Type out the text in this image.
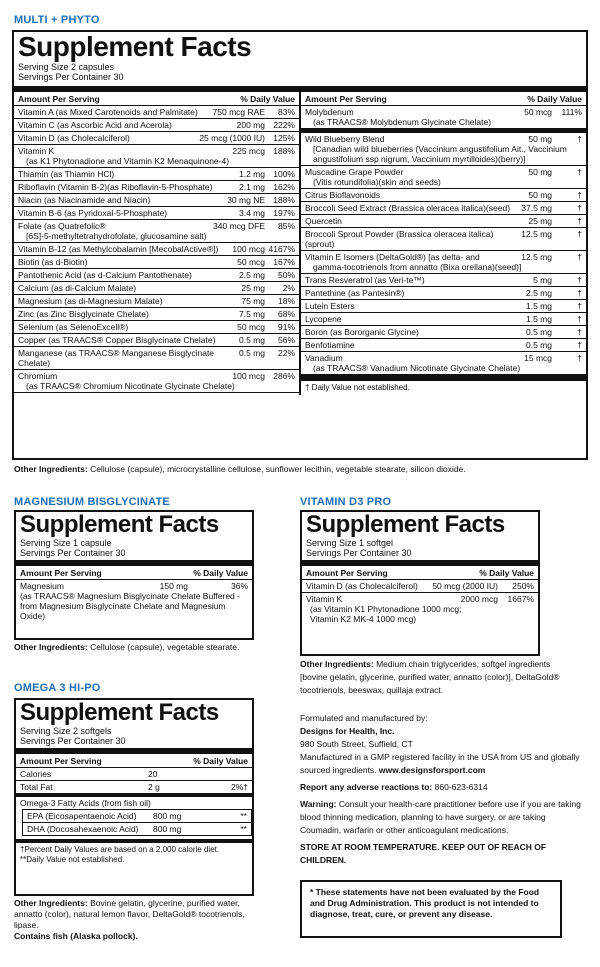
MULTI + PHYTO
Supplement Facts
Serving Size 2 capsules
Servings Per Container 30
Amount Per Serving	% Daily Value
Vitamin A (as Mixed Carotenoids and Palmitate)	750 mcg RAE	83%
Vitamin C (as Ascorbic Acid and Acerola)	200 mg 222%
Vitamin D (as Cholecalciferol)	25 mcg (1000 IU) 125%
Vitamin K	225 mcg 188%
(as K1 Phytonadione and Vitamin K2 Menaquinone-4)
Thiamin (as Thiamin HCl)	1.2 mg 100%
Riboflavin (Vitamin B-2)(as Riboflavin-5-Phosphate)	2.1 mg 162%
Niacin (as Niacinamide and Niacin)	30 mg NE 188%
Vitamin B-6 (as Pyridoxal-5-Phosphate)	3.4 mg 197%
Folate (as Quatrefolic®	340 mcg DFE	85%
[6S]-5-methyltetrahydrofolate, glucosamine salt)
Vitamin B-12 (as Methylcobalamin [MecobalActive®])	100 mcg 4167%
Biotin (as d-Biotin)	50 mcg 167%
Pantothenic Acid (as d-Calcium Pantothenate)	2.5 mg	50%
Calcium (as di-Calcium Malate)	25 mg	2%
Magnesium (as di-Magnesium Malate)	75 mg	18%
Zinc (as Zinc Bisglycinate Chelate)	7.5 mg	68%
Selenium (as SelenoExcell®)	50 mcg	91%
Copper (as TRAACS® Copper Bisglycinate Chelate)	0.5 mg	56%
Manganese (as TRAACS® Manganese Bisglycinate Chelate)
0.5 mg	22%
Chromium	100 mcg 286%
(as TRAACS® Chromium Nicotinate Glycinate Chelate)
Amount Per Serving	% Daily Value
Molybdenum	50 mcg	111%
(as TRAACS® Molybdenum Glycinate Chelate)
Wild Blueberry Blend	50 mg	†
[Canadian wild blueberries (Vaccinium angustifolium Ait., Vaccinium angustifolium ssp nigrum, Vaccinium myrtilloides)(berry)]
Muscadine Grape Powder	50 mg	†
(Vitis rotundifolia)(skin and seeds)
Citrus Bioflavonoids	50 mg	†
Broccoli Seed Extract (Brassica oleracea italica)(seed)	37.5 mg	†
Quercetin	25 mg	†
Broccoli Sprout Powder (Brassica oleracea italica)(sprout)
12.5 mg	†
Vitamin E Isomers (DeltaGold®) [as delta- and	12.5 mg	†
gamma-tocotrienols from annatto (Bixa orellana)(seed)]
Trans Resveratrol (as Veri-te™)	5 mg	†
Pantethine (as Pantesin®)	2.5 mg	†
Lutein Esters	1.5 mg	†
Lycopene	1.5 mg	†
Boron (as Bororganic Glycine)	0.5 mg	†
Benfotiamine	0.5 mg	†
Vanadium	15 mcg	†
(as TRAACS® Vanadium Nicotinate Glycinate Chelate)
† Daily Value not established.
Other Ingredients: Cellulose (capsule), microcrystalline cellulose, sunflower lecithin, vegetable stearate, silicon dioxide.
MAGNESIUM BISGLYCINATE
Supplement Facts
Serving Size 1 capsule
Servings Per Container 30
Amount Per Serving	% Daily Value
Magnesium	150 mg	36%
(as TRAACS® Magnesium Bisglycinate Chelate Buffered - from Magnesium Bisglycinate Chelate and Magnesium Oxide)
Other Ingredients: Cellulose (capsule), vegetable stearate.
OMEGA 3 HI-PO
Supplement Facts
Serving Size 2 softgels
Servings Per Container 30
Amount Per Serving	% Daily Value
Calories	20
Total Fat	2 g	2%†
Omega-3 Fatty Acids (from fish oil)
EPA (Eicosapentaenoic Acid)	800 mg	**
DHA (Docosahexaenoic Acid)	800 mg	**
†Percent Daily Values are based on a 2,000 calorie diet.
**Daily Value not established.
Other Ingredients: Bovine gelatin, glycerine, purified water, annatto (color), natural lemon flavor, DeltaGold® tocotrienols, lipase.
Contains fish (Alaska pollock).
VITAMIN D3 PRO
Supplement Facts
Serving Size 1 softgel
Servings Per Container 30
Amount Per Serving	% Daily Value
Vitamin D (as Cholecalciferol)	50 mcg (2000 IU)	250%
Vitamin K	2000 mcg	1667%
(as Vitamin K1 Phytonadione 1000 mcg;
Vitamin K2 MK-4 1000 mcg)
Other Ingredients: Medium chain triglycerides, softgel ingredients [bovine gelatin, glycerine, purified water, annatto (color)], DeltaGold® tocotrienols, beeswax, quillaja extract.
Formulated and manufactured by:
Designs for Health, Inc.
980 South Street, Suffield, CT
Manufactured in a GMP registered facility in the USA from US and globally sourced ingredients. www.designsforsport.com
Report any adverse reactions to: 860-623-6314
Warning: Consult your health-care practitioner before use if you are taking blood thinning medication, planning to have surgery, or are taking Coumadin, warfarin or other anticoagulant medications.
STORE AT ROOM TEMPERATURE. KEEP OUT OF REACH OF CHILDREN.
* These statements have not been evaluated by the Food and Drug Administration. This product is not intended to diagnose, treat, cure, or prevent any disease.
